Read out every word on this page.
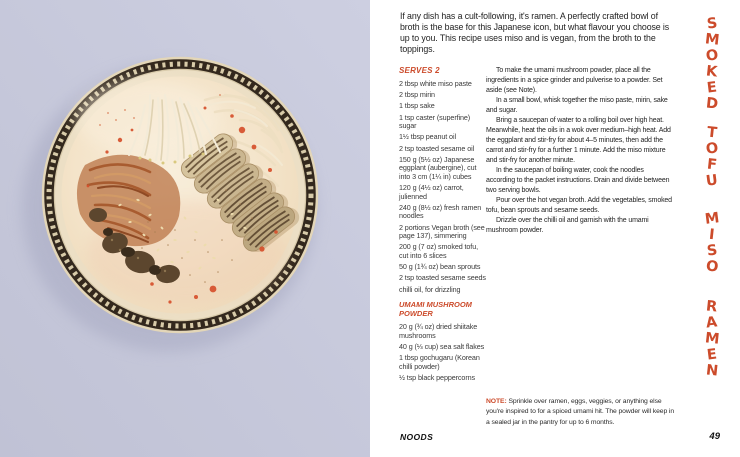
If any dish has a cult-following, it's ramen. A perfectly crafted bowl of broth is the base for this Japanese icon, but what flavour you choose is up to you. This recipe uses miso and is vegan, from the broth to the toppings.

SERVES 2
2 tbsp white miso paste
2 tbsp mirin
1 tbsp sake
1 tsp caster (superfine) sugar
1½ tbsp peanut oil
2 tsp toasted sesame oil
150 g (5½ oz) Japanese eggplant (aubergine), cut into 3 cm (1¼ in) cubes
120 g (4½ oz) carrot, julienned
240 g (8½ oz) fresh ramen noodles
2 portions Vegan broth (see page 137), simmering
200 g (7 oz) smoked tofu, cut into 6 slices
50 g (1¾ oz) bean sprouts
2 tsp toasted sesame seeds
chilli oil, for drizzling
UMAMI MUSHROOM POWDER
20 g (¾ oz) dried shiitake mushrooms
40 g (⅓ cup) sea salt flakes
1 tbsp gochugaru (Korean chilli powder)
½ tsp black peppercorns

To make the umami mushroom powder, place all the ingredients in a spice grinder and pulverise to a powder. Set aside (see Note).

In a small bowl, whisk together the miso paste, mirin, sake and sugar.

Bring a saucepan of water to a rolling boil over high heat. Meanwhile, heat the oils in a wok over medium–high heat. Add the eggplant and stir-fry for about 4–5 minutes, then add the carrot and stir-fry for a further 1 minute. Add the miso mixture and stir-fry for another minute.

In the saucepan of boiling water, cook the noodles according to the packet instructions. Drain and divide between two serving bowls.

Pour over the hot vegan broth. Add the vegetables, smoked tofu, bean sprouts and sesame seeds.

Drizzle over the chilli oil and garnish with the umami mushroom powder.

S
M
O
K
E
D
T
O
F
U
M
I
S
O
R
A
M
E
N

NOTE: Sprinkle over ramen, eggs, veggies, or anything else you're inspired to for a spiced umami hit. The powder will keep in a sealed jar in the pantry for up to 6 months.

NOODS	49
